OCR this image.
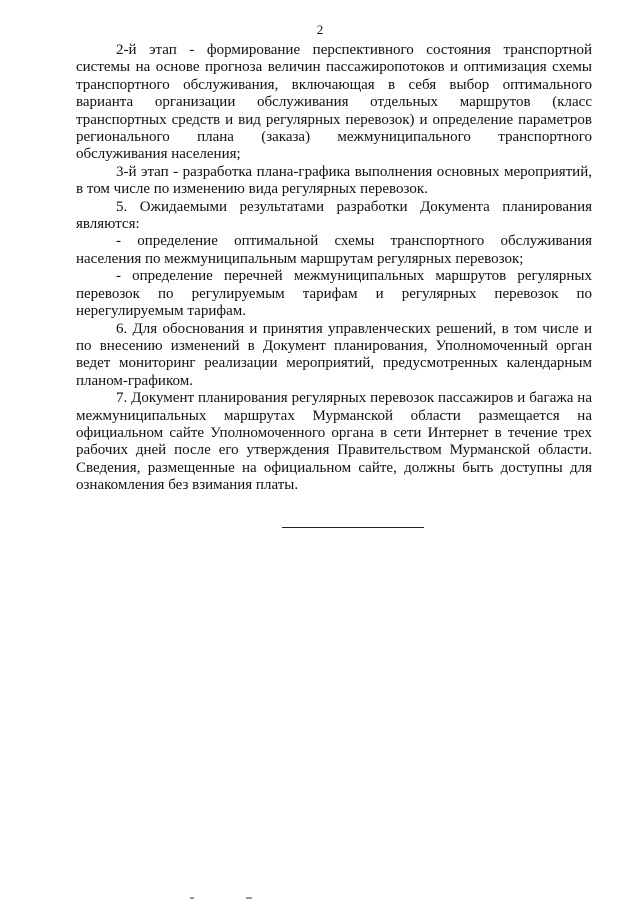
2

2-й этап - формирование перспективного состояния транспортной системы на основе прогноза величин пассажиропотоков и оптимизация схемы транспортного обслуживания, включающая в себя выбор оптимального варианта организации обслуживания отдельных маршрутов (класс транспортных средств и вид регулярных перевозок) и определение параметров регионального плана (заказа) межмуниципального транспортного обслуживания населения;

3-й этап - разработка плана-графика выполнения основных мероприятий, в том числе по изменению вида регулярных перевозок.

5. Ожидаемыми результатами разработки Документа планирования являются:

- определение оптимальной схемы транспортного обслуживания населения по межмуниципальным маршрутам регулярных перевозок;

- определение перечней межмуниципальных маршрутов регулярных перевозок по регулируемым тарифам и регулярных перевозок по нерегулируемым тарифам.

6. Для обоснования и принятия управленческих решений, в том числе и по внесению изменений в Документ планирования, Уполномоченный орган ведет мониторинг реализации мероприятий, предусмотренных календарным планом-графиком.

7. Документ планирования регулярных перевозок пассажиров и багажа на межмуниципальных маршрутах Мурманской области размещается на официальном сайте Уполномоченного органа в сети Интернет в течение трех рабочих дней после его утверждения Правительством Мурманской области. Сведения, размещенные на официальном сайте, должны быть доступны для ознакомления без взимания платы.
